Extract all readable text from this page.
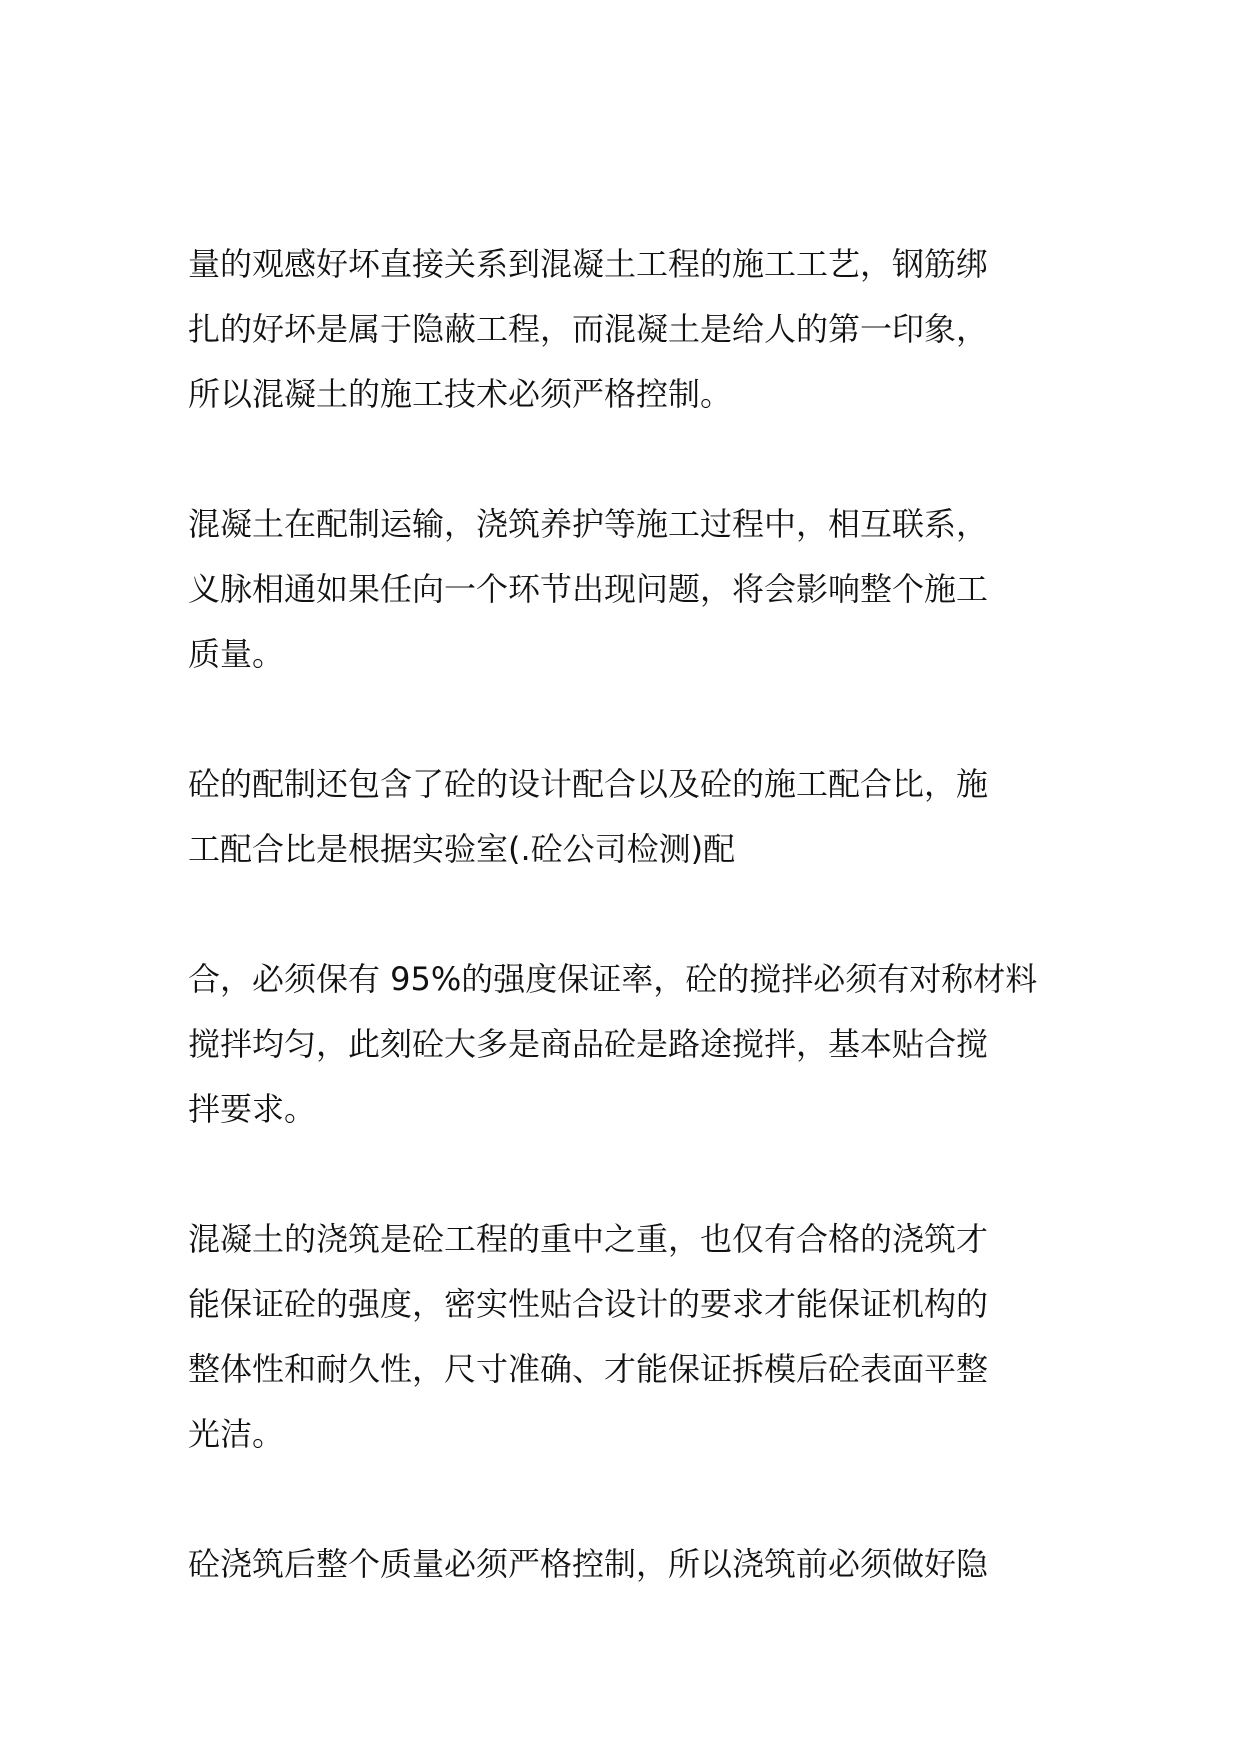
量的观感好坏直接关系到混凝土工程的施工工艺，钢筋绑
扎的好坏是属于隐蔽工程，而混凝土是给人的第一印象，
所以混凝土的施工技术必须严格控制。

混凝土在配制运输，浇筑养护等施工过程中，相互联系，
义脉相通如果任向一个环节出现问题，将会影响整个施工
质量。

砼的配制还包含了砼的设计配合以及砼的施工配合比，施
工配合比是根据实验室(.砼公司检测)配

合，必须保有 95%的强度保证率，砼的搅拌必须有对称材料
搅拌均匀，此刻砼大多是商品砼是路途搅拌，基本贴合搅
拌要求。

混凝土的浇筑是砼工程的重中之重，也仅有合格的浇筑才
能保证砼的强度，密实性贴合设计的要求才能保证机构的
整体性和耐久性，尺寸准确、才能保证拆模后砼表面平整
光洁。

砼浇筑后整个质量必须严格控制，所以浇筑前必须做好隐
